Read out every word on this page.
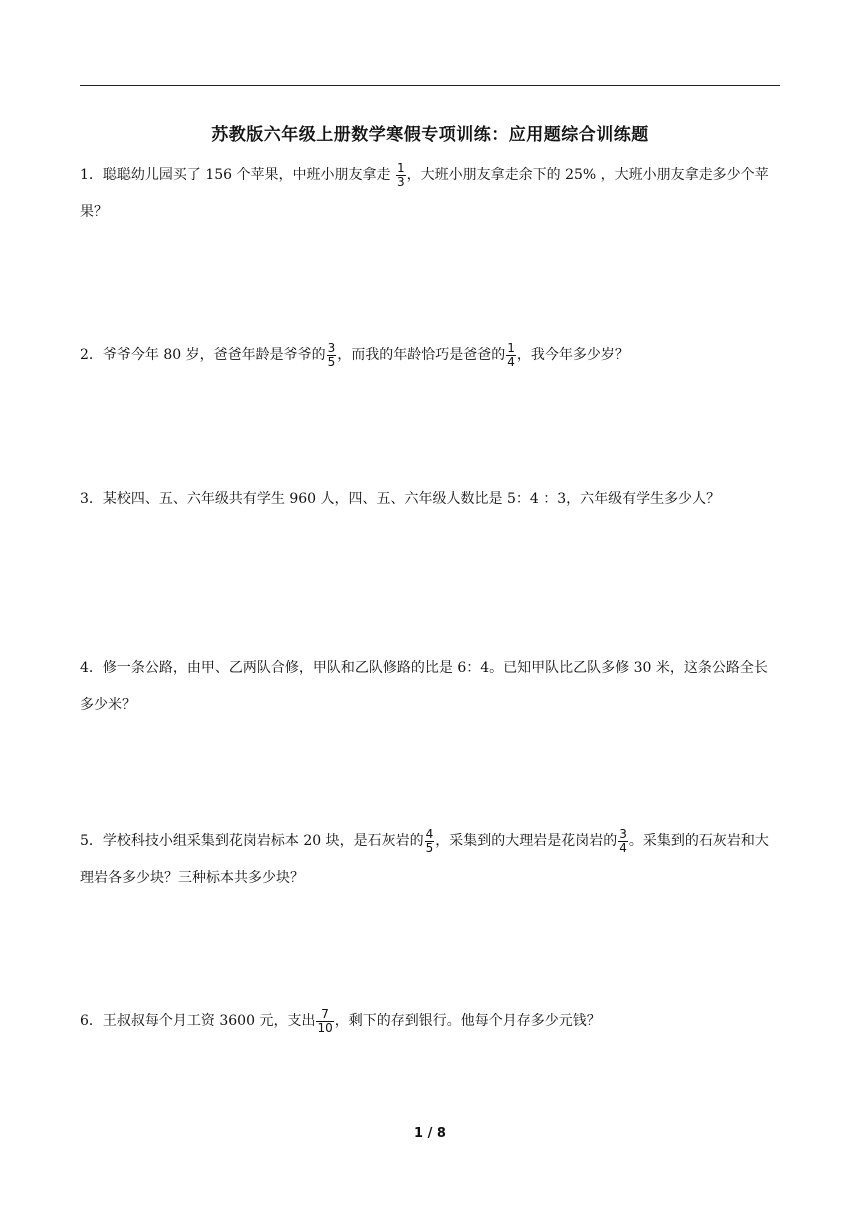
苏教版六年级上册数学寒假专项训练：应用题综合训练题
1．聪聪幼儿园买了 156 个苹果，中班小朋友拿走 $\frac{1}{3}$ ，大班小朋友拿走余下的 25% ，大班小朋友拿走多少个苹果？
2．爷爷今年 80 岁，爸爸年龄是爷爷的 $\frac{3}{5}$ ，而我的年龄恰巧是爸爸的 $\frac{1}{4}$ ，我今年多少岁？
3．某校四、五、六年级共有学生 960 人，四、五、六年级人数比是 5：4 ：3，六年级有学生多少人？
4．修一条公路，由甲、乙两队合修，甲队和乙队修路的比是 6：4。已知甲队比乙队多修 30 米，这条公路全长多少米？
5．学校科技小组采集到花岗岩标本 20 块，是石灰岩的 $\frac{4}{5}$ ，采集到的大理岩是花岗岩的 $\frac{3}{4}$ 。采集到的石灰岩和大理岩各多少块？三种标本共多少块？
6．王叔叔每个月工资 3600 元，支出 $\frac{7}{10}$ ，剩下的存到银行。他每个月存多少元钱？
1 / 8
